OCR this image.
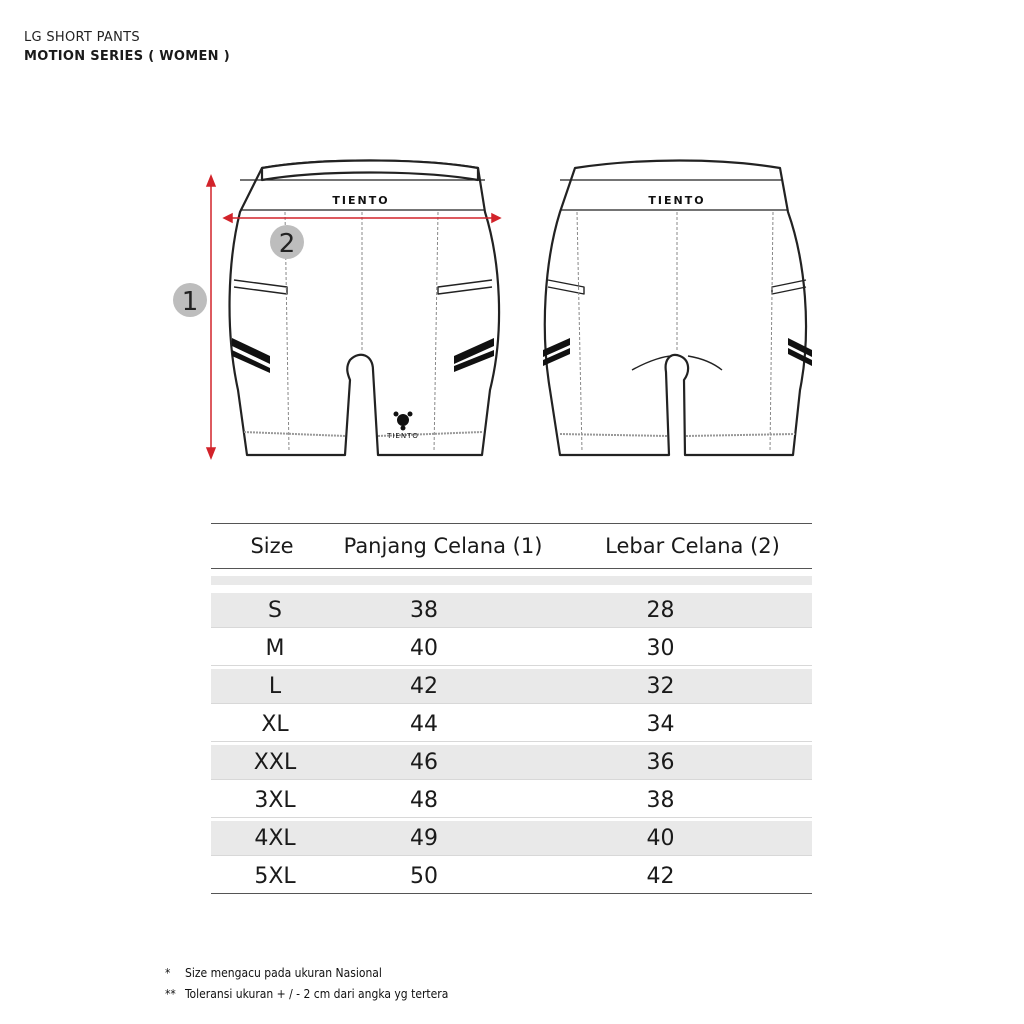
LG SHORT PANTS
MOTION SERIES ( WOMEN )
TIENTO
TIENTO
1
2
TIENTO
Size	Panjang Celana (1)	Lebar Celana (2)
S	38	28
M	40	30
L	42	32
XL	44	34
XXL	46	36
3XL	48	38
4XL	49	40
5XL	50	42
*	Size mengacu pada ukuran Nasional
** Toleransi ukuran + / - 2 cm dari angka yg tertera
